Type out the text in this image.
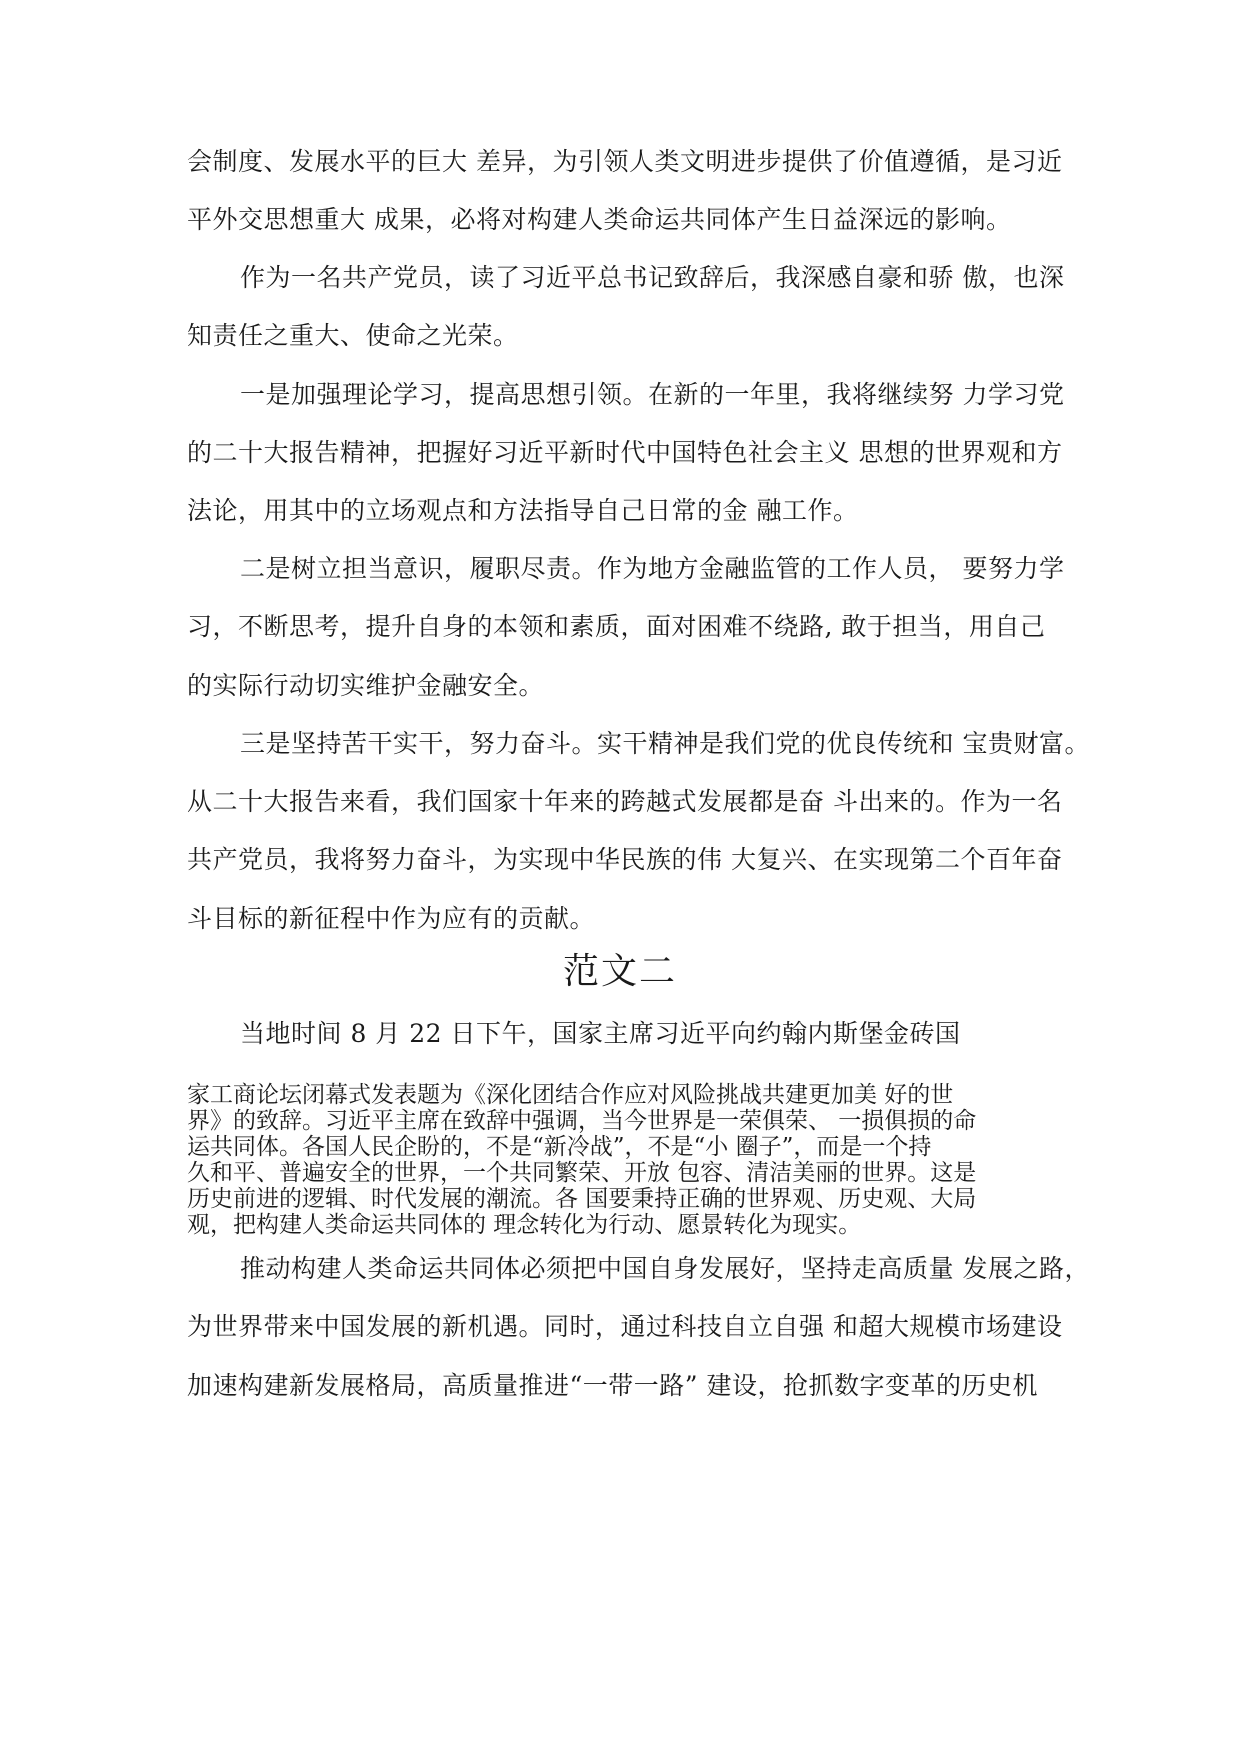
会制度、发展水平的巨大 差异，为引领人类文明进步提供了价值遵循，是习近
平外交思想重大 成果，必将对构建人类命运共同体产生日益深远的影响。
作为一名共产党员，读了习近平总书记致辞后，我深感自豪和骄 傲，也深
知责任之重大、使命之光荣。
一是加强理论学习，提高思想引领。在新的一年里，我将继续努 力学习党
的二十大报告精神，把握好习近平新时代中国特色社会主义 思想的世界观和方
法论，用其中的立场观点和方法指导自己日常的金 融工作。
二是树立担当意识，履职尽责。作为地方金融监管的工作人员， 要努力学
习，不断思考，提升自身的本领和素质，面对困难不绕路, 敢于担当，用自己
的实际行动切实维护金融安全。
三是坚持苦干实干，努力奋斗。实干精神是我们党的优良传统和 宝贵财富。
从二十大报告来看，我们国家十年来的跨越式发展都是奋 斗出来的。作为一名
共产党员，我将努力奋斗，为实现中华民族的伟 大复兴、在实现第二个百年奋
斗目标的新征程中作为应有的贡献。
范文二
当地时间 8 月 22 日下午，国家主席习近平向约翰内斯堡金砖国
家工商论坛闭幕式发表题为《深化团结合作应对风险挑战共建更加美 好的世
界》的致辞。习近平主席在致辞中强调，当今世界是一荣俱荣、 一损俱损的命
运共同体。各国人民企盼的，不是“新冷战”，不是“小 圈子”，而是一个持
久和平、普遍安全的世界，一个共同繁荣、开放 包容、清洁美丽的世界。这是
历史前进的逻辑、时代发展的潮流。各 国要秉持正确的世界观、历史观、大局
观，把构建人类命运共同体的 理念转化为行动、愿景转化为现实。
推动构建人类命运共同体必须把中国自身发展好，坚持走高质量 发展之路，
为世界带来中国发展的新机遇。同时，通过科技自立自强 和超大规模市场建设
加速构建新发展格局，高质量推进“一带一路” 建设，抢抓数字变革的历史机
